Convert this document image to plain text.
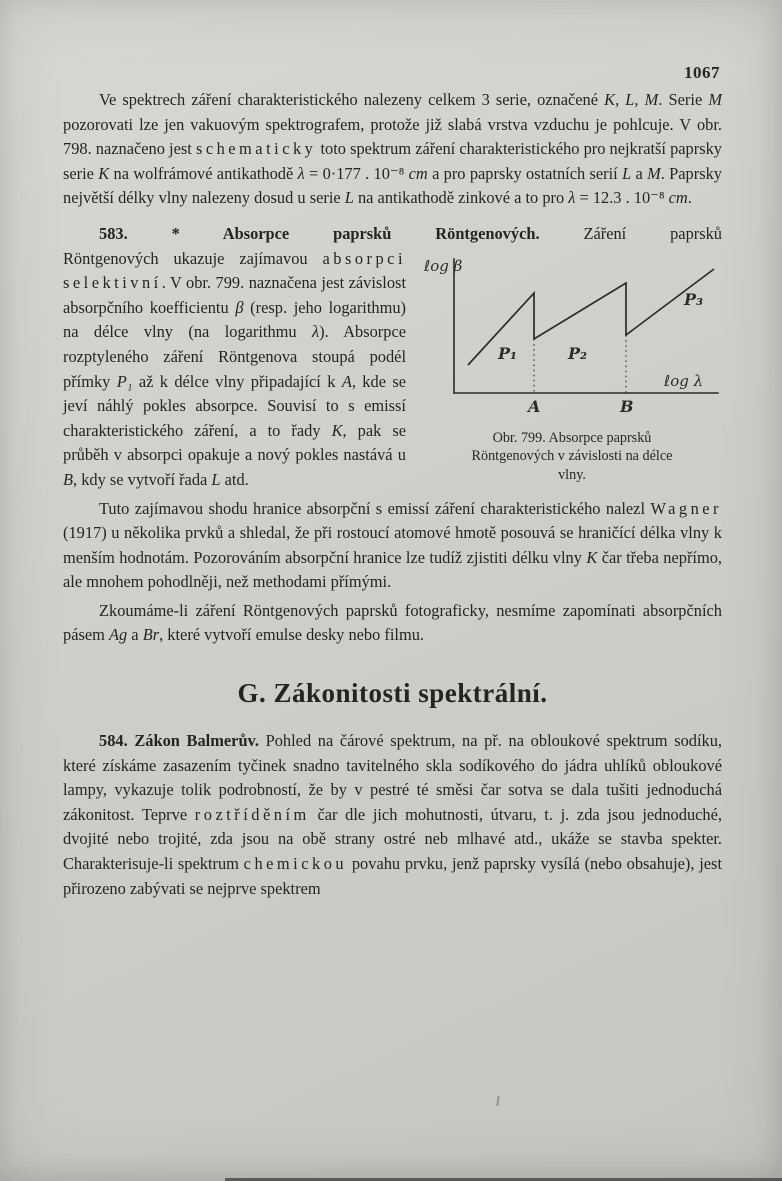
1067
Ve spektrech záření charakteristického nalezeny celkem 3 serie, označené K, L, M. Serie M pozorovati lze jen vakuovým spektrografem, protože již slabá vrstva vzduchu je pohlcuje. V obr. 798. naznačeno jest schematicky toto spektrum záření charakteristického pro nejkratší paprsky serie K na wolfrámové antikathodě λ = 0·177 . 10⁻⁸ cm a pro paprsky ostatních serií L a M. Paprsky největší délky vlny nalezeny dosud u serie L na antikathodě zinkové a to pro λ = 12.3 . 10⁻⁸ cm.
583. * Absorpce paprsků Röntgenových. Záření paprsků
ℓog β
ℓog λ
P₁	P₂
P₃
A	B
Obr. 799. Absorpce paprsků Röntgenových v závislosti na délce vlny.
Röntgenových ukazuje zajímavou absorpci selektivní. V obr. 799. naznačena jest závislost absorpčního koefficientu β (resp. jeho logarithmu) na délce vlny (na logarithmu λ). Absorpce rozptyleného záření Röntgenova stoupá podél přímky P₁ až k délce vlny připadající k A, kde se jeví náhlý pokles absorpce. Souvisí to s emissí charakteristického záření, a to řady K, pak se průběh v absorpci opakuje a nový pokles nastává u B, kdy se vytvoří řada L atd.
Tuto zajímavou shodu hranice absorpční s emissí záření charakteristického nalezl Wagner (1917) u několika prvků a shledal, že při rostoucí atomové hmotě posouvá se hraničící délka vlny k menším hodnotám. Pozorováním absorpční hranice lze tudíž zjistiti délku vlny K čar třeba nepřímo, ale mnohem pohodlněji, než methodami přímými.
Zkoumáme-li záření Röntgenových paprsků fotograficky, nesmíme zapomínati absorpčních pásem Ag a Br, které vytvoří emulse desky nebo filmu.
G. Zákonitosti spektrální.
584. Zákon Balmerův. Pohled na čárové spektrum, na př. na obloukové spektrum sodíku, které získáme zasazením tyčinek snadno tavitelného skla sodíkového do jádra uhlíků obloukové lampy, vykazuje tolik podrobností, že by v pestré té směsi čar sotva se dala tušiti jednoduchá zákonitost. Teprve roztříděním čar dle jich mohutnosti, útvaru, t. j. zda jsou jednoduché, dvojité nebo trojité, zda jsou na obě strany ostré neb mlhavé atd., ukáže se stavba spekter. Charakterisuje-li spektrum chemickou povahu prvku, jenž paprsky vysílá (nebo obsahuje), jest přirozeno zabývati se nejprve spektrem
